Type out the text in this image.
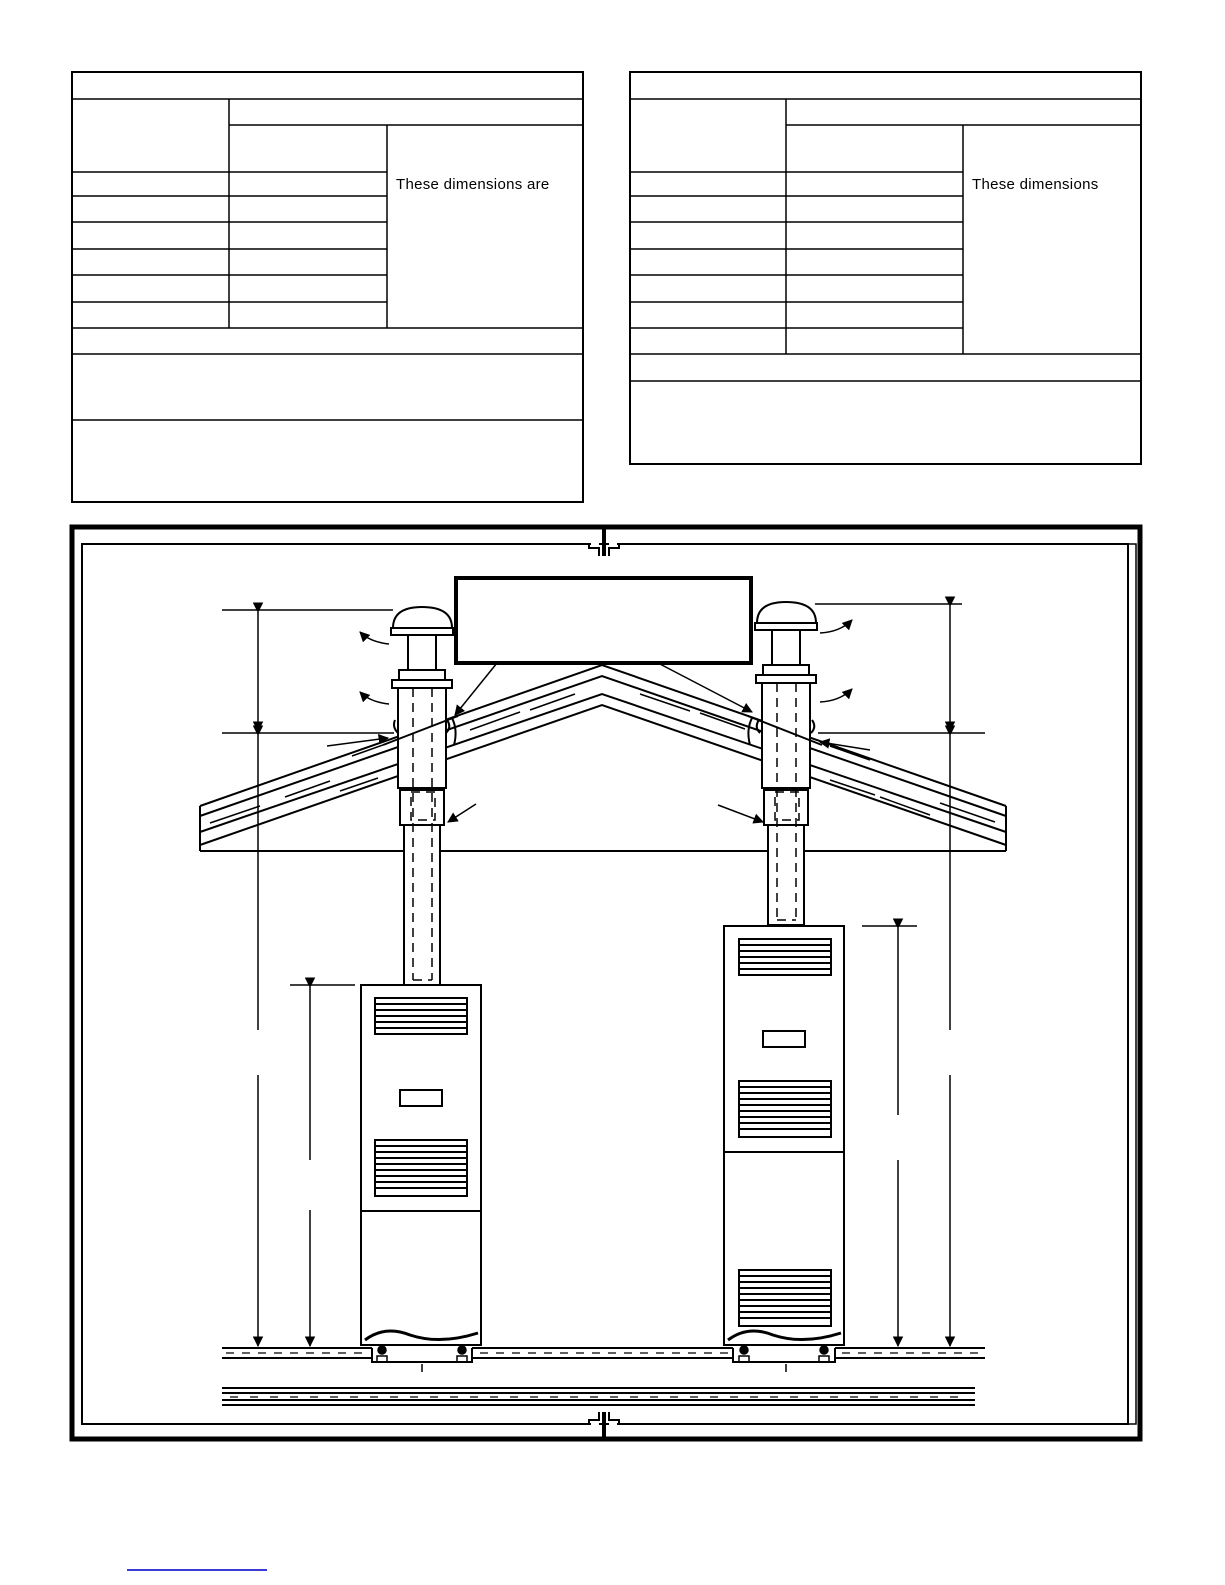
These dimensions are	These dimensions
